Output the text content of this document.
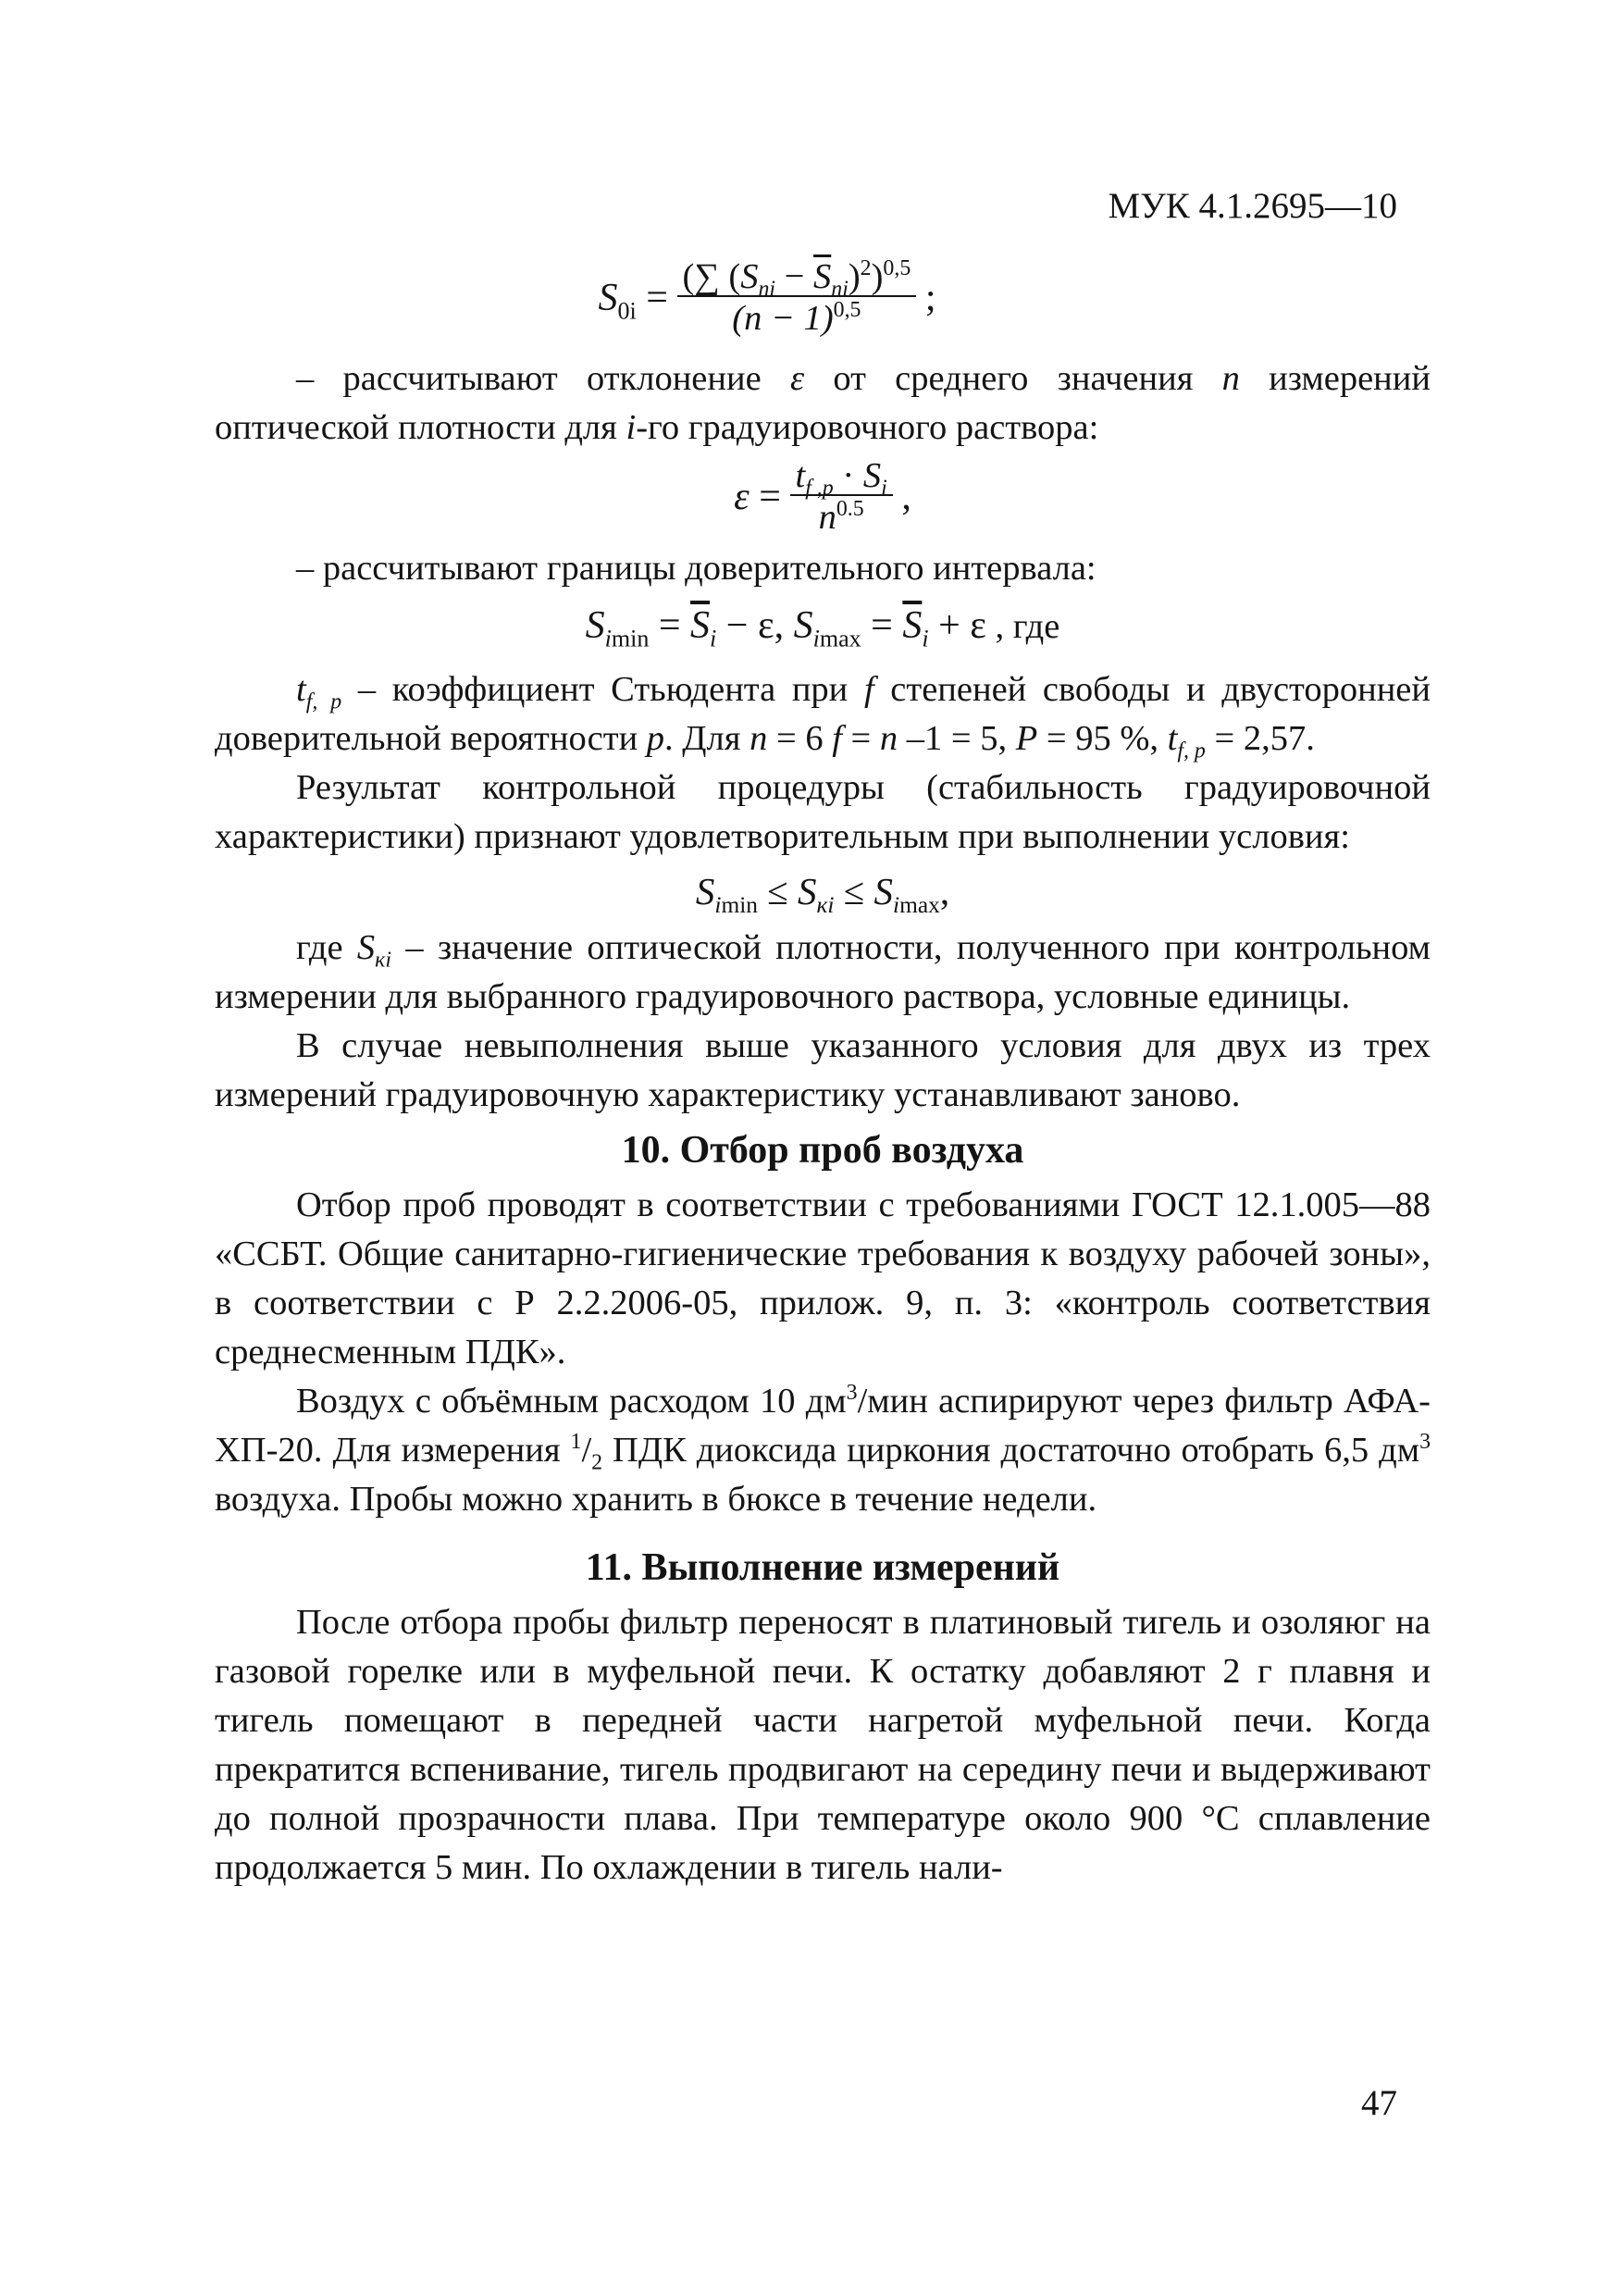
МУК 4.1.2695—10
$S_{0i} = \frac{(\sum (S_{ni} - \overline{S}_{ni})^2)^{0,5}}{(n - 1)^{0,5}}$ ;

– рассчитывают отклонение ε от среднего значения n измерений оптической плотности для i-го градуировочного раствора:

$\varepsilon = \frac{t_{f ,p} \cdot S_i}{n^{0.5}}$ ,

– рассчитывают границы доверительного интервала:

$S_{imin} = \overline{S}_i - \varepsilon$, $S_{imax} = \overline{S}_i + \varepsilon$ , где

$t_{f, p}$ – коэффициент Стьюдента при f степеней свободы и двусторонней доверительной вероятности p. Для n = 6 f = n –1 = 5, P = 95 %, $t_{f, p} = 2,57$.

Результат контрольной процедуры (стабильность градуировочной характеристики) признают удовлетворительным при выполнении условия:

$S_{imin} \le S_{кi} \le S_{imax}$,

где $S_{кi}$ – значение оптической плотности, полученного при контрольном измерении для выбранного градуировочного раствора, условные единицы.

В случае невыполнения выше указанного условия для двух из трех измерений градуировочную характеристику устанавливают заново.

10. Отбор проб воздуха

Отбор проб проводят в соответствии с требованиями ГОСТ 12.1.005—88 «ССБТ. Общие санитарно-гигиенические требования к воздуху рабочей зоны», в соответствии с Р 2.2.2006-05, прилож. 9, п. 3: «контроль соответствия среднесменным ПДК».

Воздух с объёмным расходом 10 $дм^3$/мин аспирируют через фильтр АФА-ХП-20. Для измерения $^1/_2$ ПДК диоксида циркония достаточно отобрать 6,5 $дм^3$ воздуха. Пробы можно хранить в бюксе в течение недели.

11. Выполнение измерений

После отбора пробы фильтр переносят в платиновый тигель и озоляюг на газовой горелке или в муфельной печи. К остатку добавляют 2 г плавня и тигель помещают в передней части нагретой муфельной печи. Когда прекратится вспенивание, тигель продвигают на середину печи и выдерживают до полной прозрачности плава. При температуре около 900 °С сплавление продолжается 5 мин. По охлаждении в тигель нали-

47
